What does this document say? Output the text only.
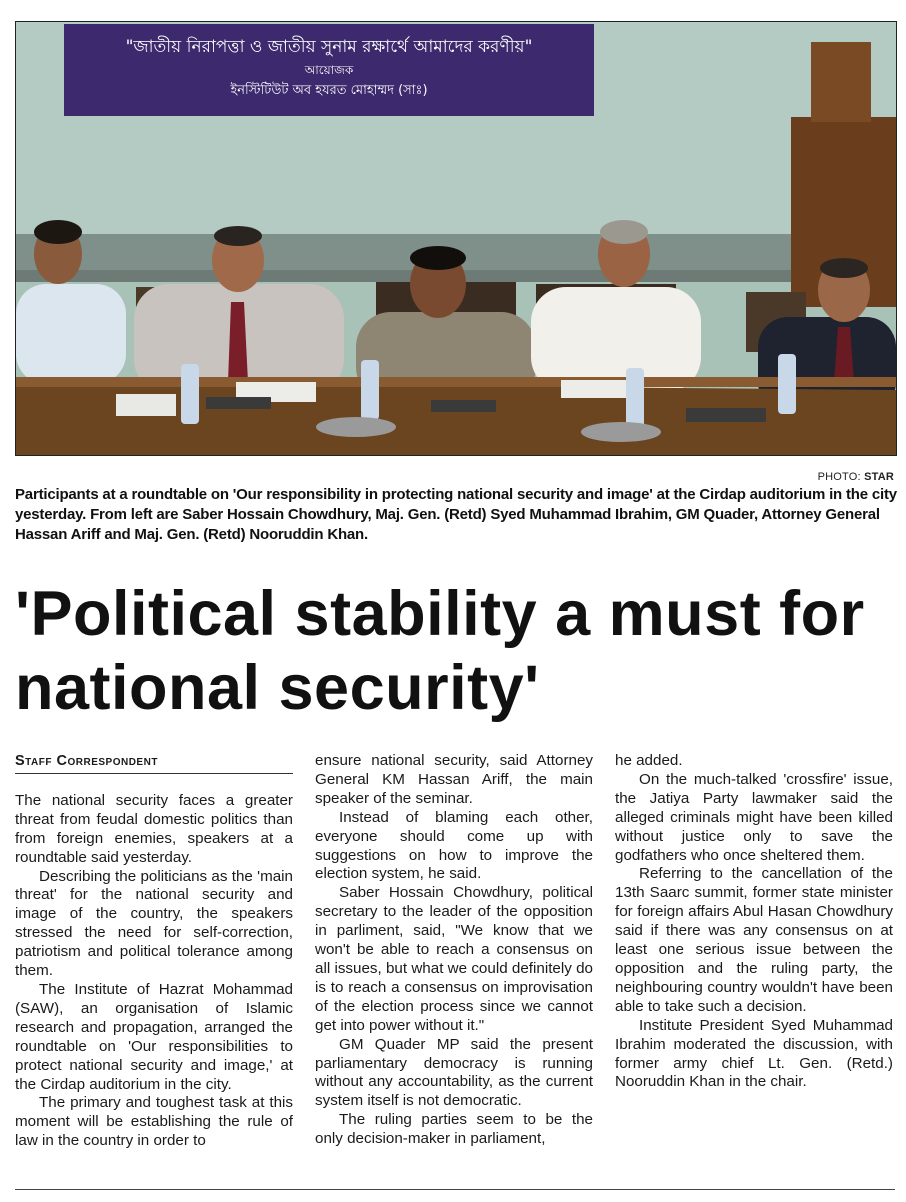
"জাতীয় নিরাপত্তা ও জাতীয় সুনাম রক্ষার্থে আমাদের করণীয়"
আয়োজক
ইনস্টিটিউট অব হযরত মোহাম্মদ (সাঃ)
PHOTO: STAR
Participants at a roundtable on 'Our responsibility in protecting national security and image' at the Cirdap auditorium in the city yesterday. From left are Saber Hossain Chowdhury, Maj. Gen. (Retd) Syed Muhammad Ibrahim, GM Quader, Attorney General Hassan Ariff and Maj. Gen. (Retd) Nooruddin Khan.
'Political stability a must for national security'
Staff Correspondent

The national security faces a greater threat from feudal domestic politics than from foreign enemies, speakers at a roundtable said yesterday.

Describing the politicians as the 'main threat' for the national security and image of the country, the speakers stressed the need for self-correction, patriotism and political tolerance among them.

The Institute of Hazrat Mohammad (SAW), an organisation of Islamic research and propagation, arranged the roundtable on 'Our responsibilities to protect national security and image,' at the Cirdap auditorium in the city.

The primary and toughest task at this moment will be establishing the rule of law in the country in order to

ensure national security, said Attorney General KM Hassan Ariff, the main speaker of the seminar.

Instead of blaming each other, everyone should come up with suggestions on how to improve the election system, he said.

Saber Hossain Chowdhury, political secretary to the leader of the opposition in parliment, said, "We know that we won't be able to reach a consensus on all issues, but what we could definitely do is to reach a consensus on improvisation of the election process since we cannot get into power without it."

GM Quader MP said the present parliamentary democracy is running without any accountability, as the current system itself is not democratic.

The ruling parties seem to be the only decision-maker in parliament,

he added.

On the much-talked 'crossfire' issue, the Jatiya Party lawmaker said the alleged criminals might have been killed without justice only to save the godfathers who once sheltered them.

Referring to the cancellation of the 13th Saarc summit, former state minister for foreign affairs Abul Hasan Chowdhury said if there was any consensus on at least one serious issue between the opposition and the ruling party, the neighbouring country wouldn't have been able to take such a decision.

Institute President Syed Muhammad Ibrahim moderated the discussion, with former army chief Lt. Gen. (Retd.) Nooruddin Khan in the chair.
